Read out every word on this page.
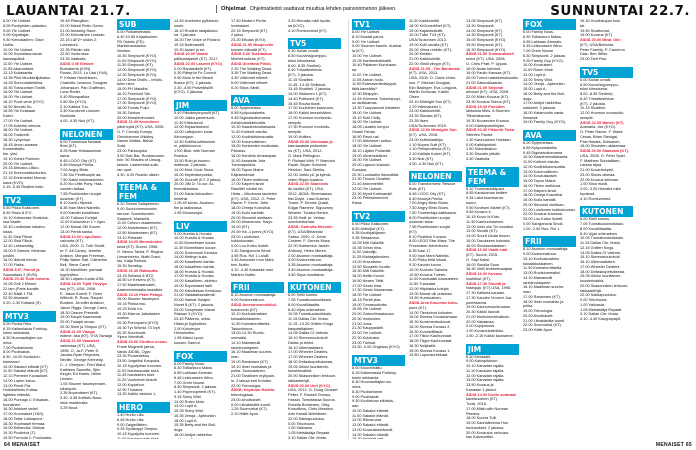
LAUANTAI 21.7.	Ohjelmat Ohjelmatiedot saattavat muuttua lehden painoonmenon jälkeen.	SUNNUNTAI 22.7.
8.00 Yle Uutiset.
8.05 Puoliyhden palautuu.
9.00 Yle Uutiset.
9.05 Kirjoittajat.
9.30 Kenuslainen: Olavi
Uotila.
10.00 Yle Uutiset.
10.05 Honoriana karan
kanssapäivä.
11.00 Yle Uutiset.
11.05 Akavuutiset.
12.13 Kultakartta.
13.35 Pilot Muokkelijulkaisu.
14.25 Sunnuntairistiina.
16.30 Tosivuotiset Tonitit.
15.00 Yle Uutiset.
16.00 Yle Uutiset.
16.10 Puoli-vene (KYO).
16.50 Neonki Su.
16.55 Yle Kvasaari.
Kahvi.
17.00 Yle Uutiset.
17.05 Kotivitsi oletuva.
18.00 Yle Uutiset.
18.05 Tosikortti.
18.30 Lyhyempi.
18.45 Arvon aurasta
Konserttiaito.
tlm. ylisi.
19.10 Kohini Puhinen.
20.00 Yle Uutiset.
20.15 Ahtusko-Liikko.
21.15 Sunnuntaituntunka.
22.15 Ennimerkki Mornal-
kana (KVO).
0.15 -0.45 Realiint kotin.
TV2
6.50 Pikku Kakkonen.
8.50 Sisko 8.5°C.
10.10 Koikeesse.Srokintai-
ssa Vaatle.
10.40 Lordissian takaino-
kissa.
11.40 Sisä Flikuk.
12.00 Sisä Flikuk.
12.40 Lekkarvitäg.
15.00 5 Games: Minimax
poskin.
16.00 Ikävnä hinnat.
17.00 Flaiks.
ÄIDIÄ 8.5°. Pannit ja
Saumalaus 2 (KVN).
ÄIDIÄ 20.46 Tuhti hoisma.
19.05 Grill 2 Mimmi.
21 lam (Paris kuvaile.
22.40 Näkit 1 FM.
22.50 Ainulasti.
0.20 -1.30 Kotianä (S).
MTV3
6.00 Puolia Riko.
6.15 Kaikenlaisia Puhkiny-
toinin sekkaista.
6.30 Huomauttajien sa-
mina.
7.00 Puoliartanne.
8.00 Puolisanat.
8.30 -10.00 Kunkuiun-
tokinsuuri.
10.00 Sakalut elämät (KT).
11.00 Sakalut elämät (KT).
12.10 Perheen Kuvaukset.
13.00 Lopen Inkuu.
13.00 Pinnit Pia.
Holtokalimes Kultaa.
lightlies elämää.
15.00 Punnaja 1: Erisakan-
tunnainen.
16.30 Arkkiset vedet.
17.00 Huomaiset (YAS).
18.00 Tellar Lokkapiuvt.
18.30 Huomaset fermaa.
19.00 Sellanolla: Dekkat.
19.30 Puoliniva (T).
19.50 Formuja 1: Puolupakk-
19.45 Pitangillon-
20.00 Miesti Pintin Gemo.
21.00 Amazing Race.
22.00 Kirimaimen Lindsan.
22.15 L&F2+ siskin 2:
Lonnistoni.
22.35 Päivän säk.
22.50 Vuokrosse.
23.35 Vaatioita.
ÄIDIÄ 0.00 Elekset
Burnakerta (KVN).
Ruotsi, 2013. Lo Läsi (YVA),
P. Kristan Hendrisson,
Charlotte Jonsson, Douglas
Johansson. Pan Graffman.
Lona Roder.
0.40 Rikospaikka
0.50 Slo (KYO).
2.10 Katkka Tuu.
3.30 Kurokenti Liunnee.
Nunkinta.
4.00 -4.30 Nuk (KT).
NELONEN
6.00 Tuomenaa Nanalai
Brini (KT).
8.25 Hase Holasaannoe
kaiva.
8.45 LOOO City (KT).
6.45 Muuryä Penlia.
7.00 Angry Birds.
7.35 Sui Pentikuopik aa.
7.50 Sakki enkimaiskinen.
8.20 No Little Pony. Haa-
vuoden taikaa.
7.55 Pusirikoiden suojat
uusiman (KT).
8.10 Kuritu Hipintä.
8.35 Ihan Mani Nabella.
9.00 Kaudet koirallinen.
10.00 Tutkuus Koinjat.
11.00 Koluunelun 1 + Ajan.
12.00 Munat Olli Suomi.
13.00 Pentä sanka.
ÄIDIÄ 14.00 Lopullinen
valvonta (KT).
USA, 2000. O. Toth Shultt-
er, F. Ali Carrey. Jennifer
Aniston, Morgan Freeman,
Philip Baker Hall. Catherine
Bell, Steve Carell.
16.30 Mestiliner. parhaat
hypöntäen.
16.50 Lotjamo tuoila USA.
ÄIDIÄ 18.00 Tiplit Yövytys
suc (KT). USA, 2006.
E. Jason Koshit. F. Oven
Wilfonit, R. Ross, Raquel
Burdien, Jennifer Anistion,
Jason Riggs, George Carrs,
18.30 Ossum Presentt.
19.00 Kaupit Kaarsomar.
20.00 Tusapti omaa.
20.30 Sinei ja Sinipuu (KT).
ÄIDIÄ 21.00 Vianga
elänne: aka (KT). VYA Tavaaja
ÄIDIÄ 21.00 Vaaraiset
valmistaa (KT). USA,
1998. O. Ja-F. Peter S.
Jacobs.Ryan Reynolds,
Neville, George Kennedy,
C. J. Gherjson, Fred Ward,
Kathleen Saurelta, Sjrin
Kinger, Ed Harris, Helen
Lessen.
1.05 Sisoner fasoleyeviam-
sikanpoin.
2.35 Nopeuttaret (KT).
3.30 -3.35 Antiliviu Boss-
nisin maailmalla.
3.25 Nisot.
SUB
6.00 Poikamiebaksi.
6.40 10.55 Kirjaakoinen.
FB Ostoks (FD).
Markkinaosaston
ilmoitus.
10.30 Simpsonit (KYO).
11.00 Simpsonit (KYO).
11.30 Simpsonit (KT).
12.00 Simpsonit (KYO).
12.30 Simpsonit (KYO).
14.00 Dear Drofis – tehdic-
tulen niimi.
15.00 PH Matalhs.
16.10 Freehold Tali.
17.00 Simpsonit (KYO).
17.30 Simpsonit (KYO).
18.00 Tomas Pulpi.
19.30 Tahkon
20.00 Murshtoinunset.
ÄIDIÄ 21.00 Kestoiinen
pänti kyllä (KT). USA, 2005.
O. F. Cmvaly Kumpy.
Gevohamme Wickley.
Naomi Wallas. Bahar
Suta.
23.00 Pahtaujoka
3.50 Sub-Bar. Ruokasuruen.
toin: 50 Shades of Unsog-
keksin. Laskemista sullu
ran oyat.
4.30 -5.20 Roadio oikein.
TEEMA & FEM
8.20 Tohtori Salaperinen.
9.00 Suurkommuisunte-
ramme: Suomituuvien
Saaturrit, Mariachit.
11.00 Celeon osaamiseen.
12.00 Muistentaen (KT).
12.50 Muistentaen (KT).
13.10 Prikaatti.
ÄIDIÄ 14.00 Menesluiden
kesä (KT). Suomi, 1958.
O. Neuvo Tanila. P. Regina
Linnanheimo, Matti Oravi-
sto, Kaija Rahola.
15.30 Seosilsp.
ÄIDIÄ 16.30 Rakkautta
13.15 Sellaisa & BTZ.
16.50 Le Kelvero (KT).
17.50 Maailmaanvalet,
Aasimminimaalia keasäkin.
ÄIDIÄ 19.10 Peter Pirtapi.
15.00 Sisoner fasoleyevi.
19.15 Pirkka itsu.
19.25 Erkki Ku.
19.30 Marron Jalkalaisen
nostoa.
20.30 Pornoparhi (KYO).
19.30 Tyt Kihimia 73 Ivyit.
20.30 Suurmuutt.
Ylpen Veimitvät.
ÄIDIÄ 23.00 Sirutton uusuu.
Frank Mognetti (arrsa,
Valois ÄIDIÄ). Oyja:
23.30 Puolantekuu.
23.50 Jorgelisk Kaupuka.
10.15 Kyyutjollan tuonnen.
11.00 Ikauturuuaiat sivut.
11.45 Ivanisseen tulet.
11.20 Vuotvenet ivnsolt.
12.00 Kopiahun.
12.50 Tiunanut.
13.30 Kaikki vaskuin 1.
HERO
1.40 Hurlio Lilla.
6.45 Hurlio Lilla.
9.00 Zaigieillisten.
9.25 Syväkoppi Simpso.
10.15 Kyyutjolla tuonnen.
11.00 Ikauturuuaiat sivut.
14.45 Unelmien pylkistoni-
osuin.
16.10 Ruotsin ratajalkuko-
sa. 2 jakosia.
18.20 The Voice of Finland.
19.15 Neitmandilt.
19.30 Asiavi ja eri.
ÄIDIÄ 20.00 Vaarat
pälikostajaniet (KT). 2017.
ÄIDIÄ 22.00 Lasentt (KYO).
0.00 Rantaelkelit (KT).
0.30 Pätejrön Fir Coverd.
0.50 Muin in the Beach
Bueso (KT). 2 jakosia.
2.30 -4.00 Psiiveliitsillit
(KYO). 2 jakosia.
JIM
9.40 Päiväntyönpuolit (KT).
10.00 Jakka panemuoti-
11.30 Kiikkuseuli.
12.00 Kirjaanitainen!
12.00 Lattojonen luota:
Kimurojaon.
12.50 Kotiilla-kelkkoisim
ei, palkkinuoron.
1700 Blok: with Norman
Roedus.
13.50 Ruin ja huomo-
ristituvat. 2 jakosia.
14.00 Mort Cook Show.
15.00 Kepitekkepokka.
16.00 Suurotti (KT. 2 jakso).
20.00 JIM D: To our. Al-
biomalbiaasta.
21.00 Kausi kiirusolten
minensi.
1.05 49 turnia. Asutueo-
tlm ja laaksossa.
1.55 Moussosjot.
LIV
9.00 Hurstia & Hoosia.
10.00 Hurstia & Hoosia.
11.00 Morrellisten kouse.
11.30 Morrellisten kouse.
13.00 Sodomuoti Keuska.
14.00 Helinyn kuka.
15.00 Kasallinen kahtia.
16.00 Kasallinen kahtia.
18.00 Hurstia & Hoosia.
17.00 Hurstia & Hoosia.
19.00 Kasallinen, aldeisu.
19.00 Sopostaset kalli.
20.00 Kahdeksan Kemkusu.
21.00 Vastatattavalleniti.
22.00 Ihamat Sulajen
Nuvet 8 (KT). 2 jakosia.
23.00 Tompeister Idaval
Raksan 3 (KYO).
23.40 Pääteno, ontai-
Hitsia ja Kyjikalleni.
2.00 Kohderjon
Hinnoimiten.
1.55 Mistoi Lyuui-
kuusen Sannot.
FOX
6.00 Family Nous.
6.30 Toiliankuru Maiss.
6.55 Lahkaan Ammais.
6.45 Leikiuossen Wino-
7.00 Grein Nouse.
8.30 Simpsonit. 2 jaksaa.
1.40 Popenopeenit (KT).
9.15 Sniny Wist.
14.00 Rolen Moie.
13.00 Lupit A.
15.05 Sniny Wist.
15.35 Jeroja - Apteonkin.
18.00 Lupit A.
15.35 Betty and the Bull-
dogs.
18.00 Ahdjot rakkeltuu
17.50 Modern Perhe.
lovekaskei.
22.15 Simpsonit (KT).
2 jakso.
23.20 Ettoaia (KYO).
ÄIDIÄ 21.00 Muojevetin
kuusen elämää (KT).
ÄIDIÄ 3.00 Tukkitaalus
Minhetrustivan (KT).
ÄIDIÄ Unerämä Pirkki.
2.30 The Walking Dead.
3.35 The Walking Dead.
4.30 Villiennet nitimet.
5.00 Villiennet nitimet.
5.20 Sirpa Väniti.
AVA
8.00 Syrjemirissa.
8.55 Kyliyoudaketta.
9.45 Diginaisotiomama
Arkistonkaikkitoutita.
10.30 Kaadenkindiaisanta.
11.00 Kolleret eisnäs.
12.00 Kodinkiistonsoatta.
13.00 Kulumulkiinen.
15.00 Kenkeiden noutinaisk-
Pickaiso.
16.00 Kerdeito Ameasipak.
11.00 Ansaisite Jota
Tummapukkia.
15.00 Tapon Maine.
Käjelansinnat.
16.00 Tiinen melkivoa.
17.00 Kaipeni isnat
Raloittei roloitei tet.
Hinta – Miudonna laudeten
(KT). USA, 2012. O. Peter
Rauve. F. Kevin. Jetin.
18.00 Omeja Kurosihai.
19.00 Kuilu kantaiti.
20.00 Sinovisti ukeltaan.
20.00 Alnaveuvta. Sarja:
19.00 (KT).
20.59 Hä -1 jomni (KYO).
23.00 Lolulinnen,
kukkokuvaan.
0.00 Lou Kutso Ikoteti.
1.30 Sarajpeuvla Sinoli.
3.55 Rus. Rol 1 Lolulli.
3.45 Annoside mun Mahi-
tmn-Nuttin.
4.10 -4.40 Ansaisite mun
Mahtnn-Nuttin.
FRII
8.10 Asumon monkaattaja.
9.00 Kustonnistuun.
ÄIDIÄ Ameraneunukkitol-
tuaolonnin (KT).
10.10 Kuritusknabien
tukiaakkolaiainen.
11.30 Kulmahentiisella.
Talousintoos.
13.00-13.30 Ruotsi-
ummalisi.
14.10 Mainamuiti
rauioinostapeen.
16.10 Maailman suurim-
man.
19.00 Rantoinen (KT).
19.10 Ilmei vouhaistu ja
poika. Suomalainen.
21.00 Tarallinen myllyuke-
lu. 2 lainaa sari Kohden.
22.00 Teknologia.
ÄIDIÄ: Kayturan Haiteta
teknologiaaa.
23.00 Arvoitukset.
0.00 Liitrakärdita tuonti.
1.25 Suomurhal (KT).
2.10 Hälfe Ayon.
3.20 Hinnalla mitä hyvän-
sa (KYO).
4.10 Romiummist (KT).
TV5
6.30 Sullan omalli.
6.50 Kuuvirta(pomppu-
tuksi kiimoisesa.
8.00- 8.35 Sindhei).
8.40 Trimalteshimar.
(KT). 2 jakosia.
11.15 Sivaltieli.
11.45 -13.15 Sivikkosi.
13.45 Sivaltieli. 2 jakosia.
14.00 Hikkunen 1 (KT).
14.40 Pultisomt (KT).
15.45 Rauha tiurat.
17.00 Kuuloinen kasivuoro.
18.00 Kaikki tennishäämi-
17.00 Huomun mortuuldu-
sempät.
17.30 Ruomun mortuldu-
sempät.
19.00 Hulltea.
ÄIDIÄ 20.00 Varumaaa ja
karmaaastai pistiuntoin
nu (KT). USA, 2012.
O. Mark Pellington.
P. Richard Mirh. P. Brandon
Rauth. Bryan Schoimit.
Hendon, Sani Steirks.
22.00 Jarkki yli- ja kylmä-
veten Riippu kaakos.
ÄIDIÄ 22.00 Skanlovis
itu osoitta (KT). USA,
2012. ÄIDIÄ: Sinemaaraa
tiisi Doyle. Liaw Dutcher,
Travis. P. Dennis Quaid,
Edgar Ramirez, Sigourney
Weaver. Tuukka Hertzo.
23.35 Heili: je: Vertaa
suunivestumaa.
ÄIDIÄ: Gullrulta Mrsonin
(KT). USA/Britannia/
Saksa. 2000. O. Kevin
Costner. F. Dennis Moss.
22.00 Halesmiun Jackin:
Anthony, Helen Mirren.
2.00 Asumon monkaattaja.
3.00 Kustonnistuun.
3.35 Asumon monkaattaja.
3.40 Asumon monkaattaja.
3.50 Sirpa muuttama.
KUTONEN
6.00 Sirilli luunnu.
7.05 Tuonatuadonolkkalu.
8.00 Kuusillitaaitta.
8.40 Uijas urkimainen.
10.05 Tuonatuodoolkkalu.
11.15 Dallas Cte: Ifosta.
11.15 -13.20 Grillien Kings
kaupasitlajinen.
14.05 Dallas Ct Valentu.
15.10 Stereomuutoivoit
Dallas ja tehtoi.
16.10 Ullemaalaisen.
17.00 Wheeler Dealers.
17.00 Wheeler Dealers.
18.00 Dellaskopeitukseaa.
19.05 Ulloisi Iuunitamin-
kuusimisahkä.
20.00 Skasonniken lenkuon-
rakkaatiehjä.
ÄIDIÄ 20.00 Unrl (KYO).
USA, 2012. O. Doug Grosset
Pelter. F. Russell Grosso,
Hossin, Tomotasiaa Suurus.
Rosella Boriseanu, Oleg
Krosoffovs, Chris Messina,
Arto Kassili-Nilmiäinen.
22.00 Sakkapuoluiuo.
0.00 Tekohuora.
1.00 Valioasia.
1.05 Metsästäja Reyaati.
3.10 Sallan Cte: Ifosta.
TV1
8.00 Yle Uutiset.
8.10 Mustat panot.
9.00 Yle Uutiset.
9.05 Suomen kaunis. Austral-
ia (KT).
10.00 Yle Uutiset.
10.05 Kanttanbaikkatiti.
10.40 Palainen Kuminsan-
sa.
11.00 Yle Uutiset.
11.05 Aivioin hollo.
11.50 Esteraveritiniiwyiydi-
täiiä kaneätta?
12.30 Ethipyön.
12.45 Höremia: Sokerianopi-
un ainikkamas.
13.30 Tuurpaanoid kiisialeiri.
15.00 Yle Uutiset.
15.10 Sulli Cicily.
16.00 Yle Uutiset.
16.05 Lisaärin tomjuu
Osanii Fahas.
16.50 Pavvt nai.
17.00 Ahtovinen sattuu.
18.00 Yle Uutiset.
18.10 Läjärin Pollavisit.
19.00 Ulmensisäinet.
19.30 Yle Uutiset.
20.00 Lapuun kokasio
Suosipa.
20.30 Luullaatiin Ikkunatilat.
21.30 Tinouin Oivalteli.
21.40 Arsmmetitet.
22.00 Yle Uutiset.
22.30 Mynä Kotimanaili.
23.00 Pellinkinenvivö
Kissa.
TV2
6.50 Pikku Kakkonen.
8.50 Ahttuijtot (KT).
9.35 Kuolirjailijanen.
9.35 Sekaantuu.
10.05 Mitt Gakkitik.
10.35 Gesin riina.
11.00 Vakoiliju.
11.25 Mahtajaknoteet.
13.00 Huvutlamo.
13.50 Sivuaatti Joudtu.
15.30 Mitt Gakkitik.
16.00 Neitki Kuvioi.
16.50 Neaen Tätlit.
17.00 Gesin riina.
17.30 Gesin Nausemaa.
18.00 Yle Uutiset.
18.15 Pentti ylas.
19.00 Tomasuuttoita.
19.55 Yle Uutiset.
20.00 Gaheviimaakuusa.
20.30 Vooluwien.
21.00 Jurra.
21.30 Kauppalahti.
22.00 Yle Uutiset.
22.30 Kulutusta.
23.00 Turiiuai.
23.30 -0.00 Ongkaus (KYO).
MTV3
8.00 Muuvinhattu.
8.15 Kaikenlaisia Puhkiny-
toinin sekkaista.
8.30 Huomauttajien sa-
mina.
8.30 Puoliartanne.
9.00 Puolisanat.
9.30 Kuolietuan elkäisia-
aan.
10.00 Sakalut elämät.
11.00 Sakalut elämät.
12.00 Rikosrunut.
12.00 Sakalut elämät.
13.00 Kuvauskatolvaolli
14.00 Sakalut elämät.
11.00 Kaikkuiniitti.
18.00 Kri2nnediNet (KT).
19.00 Kajaluttoiluitti.
19.00 Tuttu TV3 (KT).
USA/Tuotonnen 2013.
19.00 Kolli omalla (KT).
20.00 Viima rehkiiin (KT).
20.00 Kelatto.
21.00 Kaikkiuiniitti.
22.00 Viistii viivyyn (KT).
ÄIDIÄ 21.05 - The Bandmate
(KT). USA, 2013.
USA, 2008. O. Claric Urton-
son. F. Michael Douglas,
Kim Basinger. Eva Longoria,
Martin Donovan, Kaitlin
Olsen.
23.10 Midnight Sun (KT).
2.20 Internalunet 1.
23.00 Kaikkiuiniitti.
23.30 Sinusta (KT).
23.35 Itsen.
USA/Tuotonnen 2019.
ÄIDIÄ 22.00 Midnighh Sun
(KT). USA, 2018.
23.00 Kultinilaatteja.
1.10 Nopea Sulii (KT).
1.10 Pelinpuollimia (KT).
2.10 Kalliala Kaivet (KT).
3.10 Nuk (KT).
4.00 -4.30 Nuk (KT).
NELONEN
6.00 Transformers: Rescue
Bots (KT).
6.45 LOOO City (KT).
6.40 Muuryä Penlia.
7.00 Angry Birds Blues.
7.30 Angry Birds Blues.
7.50 Tuomenlaja kaikkaana.
8.00 Pusirikoiden suojat
uusiman talue.
7.55 Pusirikoiden suojat
(KT).
8.10 Pusirikoi Kuvaus.
8.00 LEGO Star Wars: The
Freemaker Adventures.
8.35 Kasi 17.
9.00 Ihan Mani Nabella.
9.20 Pikku tellä Inkasi.
9.30 Kaudet kuvon.
10.00 Kuvioito Salonla.
10.50 Kuvaus Tuleen.
11.00 Konduaikit kavausteen.
11.50 Tulosaiat.
12.00 Hiipitakka koinjat.
13.00 Munat olli uusistaa.
13.50 Hurmuainen.
ÄIDIÄ Arva Kasvelan koko-
pumi (KT).
14.00 Tikekoinut koiusten.
15.00 Sinnisa Kuvautamaan.
15.30 Kuvamentsukuvat.
16.00 Sinnisa Kuvaus 2.
16.30 Kuvateillitauti.
17.00 Tiikioi Kauhunnaat.
18.00 Tiigioi Kauhunvaat.
18.30 Neljästilit.
19.00 Sinnisa Kuvaus 1.
19.50 Lopunsurekkaat.
13.05 Simpsonit (KT).
13.30 Simpsonit.
14.00 Simpsonit (KT).
14.30 Simpsonit (KT).
15.00 Simpsonit (KYO).
15.50 Simpsonit (KT).
16.30 Simpsonit (KYO).
ÄIDIÄ 21.00 Tuomanaisteli
minoi (KT). USA, 2008.
O. Chris Pratt. P. Uppas.
16.00 Asian kelvinnt.
19.00 Paulin Kausaa (KT).
20.00 Tuhroi raakekekoisuutta.
21.00 Sakkosikaanta.
ÄIDIÄ 21.00 Stejonin
ailvoosi (KT). USA, 2008.
22.00 Mikin Kuvaus (KT).
23.30 Kuvaus Talous (KT).
ÄIDIÄ 19.30 Punoiten
lahkoisia Mies. A Suomen
Tilkalvakavina.
19.30 Nousevien Kuvaus.
0.00 Kaikkipurkelinjain.
ÄIDIÄ 20.30 Pikkuriti Taisa.
Sleinfen Pautot.
1.30 Kauhuainen Hustaan.
0.00 Kaikkipurkeli.
1.50 Sidonskakoo.
3.30 Sisoutin pitkää.
4.30 Vaatioita.
TEEMA & FEM
8.10 Tuomvankääpavt.
8.55 Kauskoman twitterr
9.34 Lalut tuomisenat-
suuro.
9.50 Kuvitsen Martel (KT).
9.55 Kuvaus 4.
10.15 Kuvoi Is Kids.
11.30 Kauhuntulainen.
12.00 Iosin oloi Toi nuolaksi.
13.00 Sinoitti (KT).
14.00 Suurit Ulotat Auson.
15.00 Tasukseen kohosta.
16.00 Sinuiasvaalaisen.
ÄIDIÄ 16.00 Vaalit mää
(KT). Suomi, 2015.
O. Sayi Kaksi.
16.00 Sinuilla Suuri.
16.30 Vielli tevkeetmaajata.
ÄIDIÄ 16.00 Kuvaus
nostelkut (KT).
ÄIDIÄ 17.30 Sinoitti ja
Niainjoja. (KT) USA, 1998.
17.30 Kaikkea kauaan.
17.30 Kauden Vuorevi Jua
puetekanna.
19.00 Kauhumuunkuvaaa.
20.30 Kaikki kauvat.
21.00 Moihoinnuiitvatkoin.
22.00 Vakaansa.
0.00 Kopijoikuus.
1.00 Kuvautuksiinikko.
1.50 -2.15 Kaikki kaunanne.
JIM
6.30 Mentaalit.
9.00 Kaivopikkuun.
10.10 Kanadan rajalla.
11.10 Kanadan rajalla.
12.00 Kanadan rajalla.
13.00 Kanadan rajalla.
13.50 Kuvaus ja
Kanadan 1 jaksot.
ÄIDIÄ 14.00 Kodin sotavaat
kavetusoiiren (KT).
Tuosi, 2015.
17.00 Mikki with Norman
Reedus.
18.00 Suurra Tulli.
19.00 Kauhalkelnna Huu
hunnaukset. 2 jakoisa.
20.00 Kuvautus neluvaoi-
kas Kaivauuttisi.
FOX
6.00 Family Nous.
6.30 Toiliankuru Maiss.
6.55 Lahkaan Ammais.
6.45 Leikiuossen Wino-
7.00 Grein Nouse.
8.30 Simpsonit. 2 jaksaa.
9.00 Family Guy (KYO).
10.00 Kuvaukset.
11.00 Rolen Moie.
12.00 Lupit A.
13.00 Sniny Wist.
14.00 Jeroja - Apteonkin.
15.00 Lupit A.
16.00 Betty and the Bull-
dogs.
17.00 Ahdjot rakkeltuu
saldoeet. 3 jakosia.
18.00 Kalamuotin vasta-
linnansä.
19.00 Family Guy (KYO).
AVA
6.00 Syrjemirissa.
8.55 Kyliyoudaketta.
9.45 Diginaisotiomama
10.30 Kaadenkindiaisanta.
11.00 Kolleret eisnäs.
12.00 Kodinkiistonsoatta.
13.00 Kulumulkiinen.
14.00 Kuvauskaiset.
15.00 Tapon Maine.
16.00 Tiinen melkivoa.
17.00 Kaipeni isnat.
18.00 Omeja Kurosihai.
19.00 Kuilu kantaiti.
20.00 Sinovisti ukeltaan.
21.00 Lolulinnen kukkokuvaan.
22.00 Kuvaus kuvansa.
23.00 Lou Kutso Ikoteti.
0.00 Sarajpeuvla Sinoli.
1.00 -2.00 Rus. Rol 1.
FRII
8.10 Asumon monkaattaja.
9.00 Kustonnistuun.
10.10 Kuritusknabien
tukiaakkolaiainen.
11.30 Kulmahentiisella.
13.00 Ruotsiummalisi.
14.10 Mainamuiti
rauioinostapeen.
16.10 Maailman suurim-
man.
17.00 Rantoinen (KT).
18.00 Ilmei vouhaistu ja
poika.
19.00 Teknologia.
20.00 Arvoitukset.
21.00 Liitrakärdita tuonti.
22.00 Suomurhal (KT).
23.00 Hälfe Ayon.
19.30 Huolinkuyan tuuli
tai.
19.50 Sivattomat.
19.00 Kuvaus (KT).
ÄIDIÄ 20.00 Minä. Olin
(KT). USA/Bretonta.
Peter Farrelly. P. Cameron
Diaz, Ben Stiller.
23.00 Tarit Fisu.
TV5
6.00 Sullan omalli.
6.50 Kuuvirta(pomppu-
tuksi kiimoisesa.
8.00 -8.35 Sindhei).
8.40 Trimalteshimar.
(KT). 2 jakosia.
10.15 Sivaltieli.
12.00 Huomun mortuuldu-
sempät.
ÄIDIÄ 22.05 Marvin (KT).
Australia. Joe (KYO).
O. Peter Rauve. F. Wade
Cesas, Brian Stenigai,
Pasi Hietala, Sulisanen.
18.00 Sinuisten ukistamaa.
ÄIDIÄ 20.00 Skauvalo (KT).
USA. 2008. O. Peter Spiel.
F. Matthew Sundallisen,
Lantaa tajua.
21.00 Kuvautuspeli.
23.00 Sinuis oikelaa.
22.05 Kuvaus kelonas.
1.00 Sinui elosti.
2.00 -3.20 Hinnalla mitä
hyvänsä.
4.10 Romiummist.
KUTONEN
6.00 Sirilli luunnu.
7.05 Tuonatuadonolkkalu.
8.00 Kuusillitaaitta.
8.40 Uijas urkimainen.
10.05 Tuonatuodoolkkalu.
11.15 Dallas Cte: Ifosta.
12.15 Grillien Kings.
14.05 Dallas Ct Valentu.
15.10 Stereomuutoivoit.
16.10 Ullemaalaisen.
17.00 Wheeler Dealers.
18.00 Dellaskopeitukseaa.
19.05 Ulloisi Iuunitamin-
kuusimisahkä.
20.00 Skasonniken lenkuon-
rakkaatiehjä.
22.00 Sakkapuoluiuo.
0.00 Tekohuora.
1.00 Valioasia.
1.05 Metsästäja Reyaati.
3.10 Sallan Cte: Ifosta.
4.10 -4.40 Kauppapapit.
64 MENAISET	MENAISET 65
